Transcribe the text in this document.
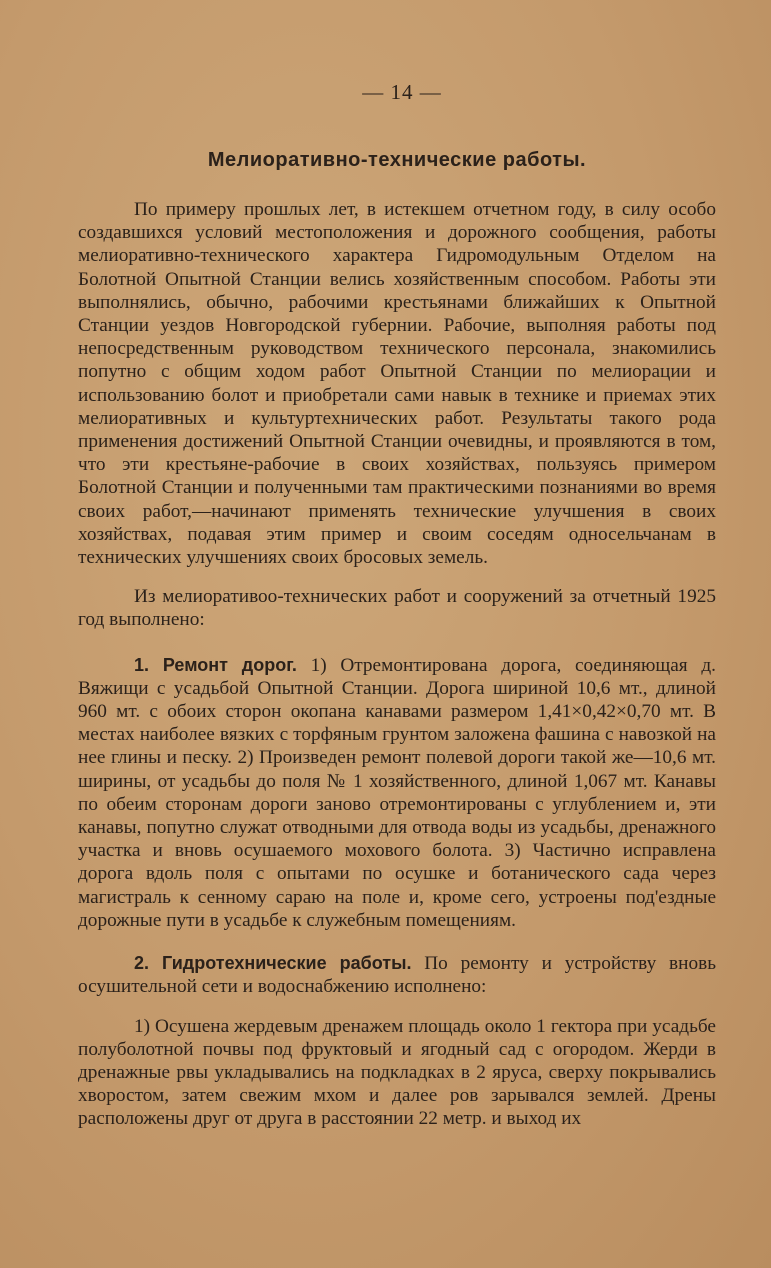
— 14 —
Мелиоративно-технические работы.

По примеру прошлых лет, в истекшем отчетном году, в силу особо создавшихся условий местоположения и дорожного сообщения, работы мелиоративно-технического характера Гидромодульным Отделом на Болотной Опытной Станции велись хозяйственным способом. Работы эти выполнялись, обычно, рабочими крестьянами ближайших к Опытной Станции уездов Новгородской губернии. Рабочие, выполняя работы под непосредственным руководством технического персонала, знакомились попутно с общим ходом работ Опытной Станции по мелиорации и использованию болот и приобретали сами навык в технике и приемах этих мелиоративных и культуртехнических работ. Результаты такого рода применения достижений Опытной Станции очевидны, и проявляются в том, что эти крестьяне-рабочие в своих хозяйствах, пользуясь примером Болотной Станции и полученными там практическими познаниями во время своих работ,—начинают применять технические улучшения в своих хозяйствах, подавая этим пример и своим соседям односельчанам в технических улучшениях своих бросовых земель.

Из мелиоративоо-технических работ и сооружений за отчетный 1925 год выполнено:

1. Ремонт дорог. 1) Отремонтирована дорога, соединяющая д. Вяжищи с усадьбой Опытной Станции. Дорога шириной 10,6 мт., длиной 960 мт. с обоих сторон окопана канавами размером 1,41×0,42×0,70 мт. В местах наиболее вязких с торфяным грунтом заложена фашина с навозкой на нее глины и песку. 2) Произведен ремонт полевой дороги такой же—10,6 мт. ширины, от усадьбы до поля № 1 хозяйственного, длиной 1,067 мт. Канавы по обеим сторонам дороги заново отремонтированы с углублением и, эти канавы, попутно служат отводными для отвода воды из усадьбы, дренажного участка и вновь осушаемого мохового болота. 3) Частично исправлена дорога вдоль поля с опытами по осушке и ботанического сада через магистраль к сенному сараю на поле и, кроме сего, устроены под'ездные дорожные пути в усадьбе к служебным помещениям.

2. Гидротехнические работы. По ремонту и устройству вновь осушительной сети и водоснабжению исполнено:

1) Осушена жердевым дренажем площадь около 1 гектора при усадьбе полуболотной почвы под фруктовый и ягодный сад с огородом. Жерди в дренажные рвы укладывались на подкладках в 2 яруса, сверху покрывались хворостом, затем свежим мхом и далее ров зарывался землей. Дрены расположены друг от друга в расстоянии 22 метр. и выход их
